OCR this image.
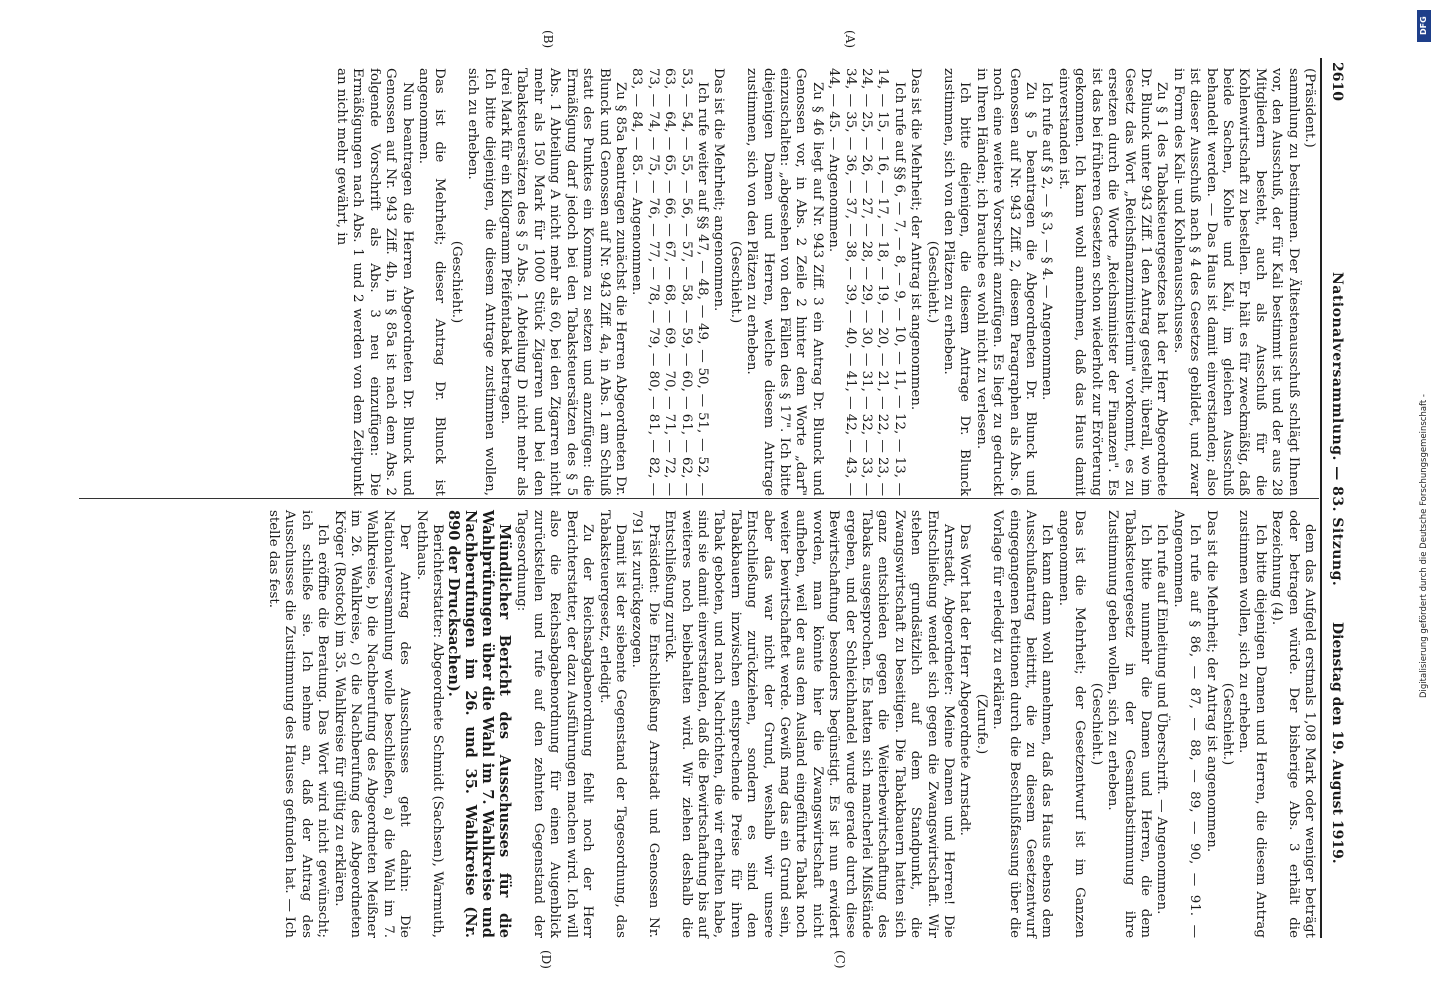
DFG
Digitalisierung gefördert durch die Deutsche Forschungsgemeinschaft -
2610
Nationalversammlung. — 83. Sitzung.
Dienstag den 19. August 1919.
(A)
(B)
(C)
(D)

(Präsident.)

sammlung zu bestimmen. Der Ältestenausschuß schlägt Ihnen vor, den Ausschuß, der für Kali bestimmt ist und der aus 28 Mitgliedern besteht, auch als Ausschuß für die Kohlenwirtschaft zu bestellen. Er hält es für zweckmäßig, daß beide Sachen, Kohle und Kali, im gleichen Ausschuß behandelt werden. — Das Haus ist damit einverstanden; also ist dieser Ausschuß nach § 4 des Gesetzes gebildet, und zwar in Form des Kali- und Kohlenausschusses.

Zu § 1 des Tabaksteuergesetzes hat der Herr Abgeordnete Dr. Blunck unter 943 Ziff. 1 den Antrag gestellt, überall, wo im Gesetz das Wort „Reichsfinanzministerium" vorkommt, es zu ersetzen durch die Worte „Reichsminister der Finanzen". Es ist das bei früheren Gesetzen schon wiederholt zur Erörterung gekommen. Ich kann wohl annehmen, daß das Haus damit einverstanden ist.

Ich rufe auf § 2, — § 3, — § 4. — Angenommen.

Zu § 5 beantragen die Abgeordneten Dr. Blunck und Genossen auf Nr. 943 Ziff. 2, diesem Paragraphen als Abs. 6 noch eine weitere Vorschrift anzufügen. Es liegt zu gedruckt in Ihren Händen; ich brauche es wohl nicht zu verlesen.

Ich bitte diejenigen, die diesem Antrage Dr. Blunck zustimmen, sich von den Plätzen zu erheben.

(Geschieht.)

Das ist die Mehrheit; der Antrag ist angenommen.

Ich rufe auf §§ 6, — 7, — 8, — 9, — 10, — 11, — 12, — 13, — 14, — 15, — 16, — 17, — 18, — 19, — 20, — 21, — 22, — 23, — 24, — 25, — 26, — 27, — 28, — 29, — 30, — 31, — 32, — 33, — 34, — 35, — 36, — 37, — 38, — 39, — 40, — 41, — 42, — 43, — 44, — 45. — Angenommen.

Zu § 46 liegt auf Nr. 943 Ziff. 3 ein Antrag Dr. Blunck und Genossen vor, in Abs. 2 Zeile 2 hinter dem Worte „darf" einzuschalten: „abgesehen von den Fällen des § 17". Ich bitte diejenigen Damen und Herren, welche diesem Antrage zustimmen, sich von den Plätzen zu erheben.

(Geschieht.)

Das ist die Mehrheit; angenommen.

Ich rufe weiter auf §§ 47, — 48, — 49, — 50, — 51, — 52, — 53, — 54, — 55, — 56, — 57, — 58, — 59, — 60, — 61, — 62, — 63, — 64, — 65, — 66, — 67, — 68, — 69, — 70, — 71, — 72, — 73, — 74, — 75, — 76, — 77, — 78, — 79, — 80, — 81, — 82, — 83, — 84, — 85. — Angenommen.

Zu § 85a beantragen zunächst die Herren Abgeordneten Dr. Blunck und Genossen auf Nr. 943 Ziff. 4a, in Abs. 1 am Schluß statt des Punktes ein Komma zu setzen und anzufügen: die Ermäßigung darf jedoch bei den Tabaksteuersätzen des § 5 Abs. 1 Abteilung A nicht mehr als 60, bei den Zigarren nicht mehr als 150 Mark für 1000 Stück Zigarren und bei den Tabaksteuersätzen des § 5 Abs. 1 Abteilung D nicht mehr als drei Mark für ein Kilogramm Pfeifentabak betragen.

Ich bitte diejenigen, die diesem Antrage zustimmen wollen, sich zu erheben.

(Geschieht.)

Das ist die Mehrheit; dieser Antrag Dr. Blunck ist angenommen.

Nun beantragen die Herren Abgeordneten Dr. Blunck und Genossen auf Nr. 943 Ziff. 4b, in § 85a ist nach dem Abs. 2 folgende Vorschrift als Abs. 3 neu einzufügen: Die Ermäßigungen nach Abs. 1 und 2 werden von dem Zeitpunkt an nicht mehr gewährt, in

dem das Aufgeld erstmals 1,08 Mark oder weniger beträgt oder betragen würde. Der bisherige Abs. 3 erhält die Bezeichnung (4).

Ich bitte diejenigen Damen und Herren, die diesem Antrag zustimmen wollen, sich zu erheben.

(Geschieht.)

Das ist die Mehrheit; der Antrag ist angenommen.

Ich rufe auf § 86, — 87, — 88, — 89, — 90, — 91. — Angenommen.

Ich rufe auf Einleitung und Überschrift. — Angenommen.

Ich bitte nunmehr die Damen und Herren, die dem Tabaksteuergesetz in der Gesamtabstimmung ihre Zustimmung geben wollen, sich zu erheben.

(Geschieht.)

Das ist die Mehrheit; der Gesetzentwurf ist im Ganzen angenommen.

Ich kann dann wohl annehmen, daß das Haus ebenso dem Ausschußantrag beitritt, die zu diesem Gesetzentwurf eingegangenen Petitionen durch die Beschlußfassung über die Vorlage für erledigt zu erklären.

(Zurufe.)

Das Wort hat der Herr Abgeordnete Arnstadt.

Arnstadt, Abgeordneter: Meine Damen und Herren! Die Entschließung wendet sich gegen die Zwangswirtschaft. Wir stehen grundsätzlich auf dem Standpunkt, die Zwangswirtschaft zu beseitigen. Die Tabakbauern hatten sich ganz entschieden gegen die Weiterbewirtschaftung des Tabaks ausgesprochen. Es hatten sich mancherlei Mißstände ergeben, und der Schleichhandel wurde gerade durch diese Bewirtschaftung besonders begünstigt. Es ist nun erwidert worden, man könnte hier die Zwangswirtschaft nicht aufheben, weil der aus dem Ausland eingeführte Tabak noch weiter bewirtschaftet werde. Gewiß mag das ein Grund sein, aber das war nicht der Grund, weshalb wir unsere Entschließung zurückziehen, sondern es sind den Tabakbauern inzwischen entsprechende Preise für ihren Tabak geboten, und nach Nachrichten, die wir erhalten habe, sind sie damit einverstanden, daß die Bewirtschaftung bis auf weiteres noch beibehalten wird. Wir ziehen deshalb die Entschließung zurück.

Präsident: Die Entschließung Arnstadt und Genossen Nr. 791 ist zurückgezogen.

Damit ist der siebente Gegenstand der Tagesordnung, das Tabaksteuergesetz, erledigt.

Zu der Reichsabgabenordnung fehlt noch der Herr Berichterstatter, der dazu Ausführungen machen wird. Ich will also die Reichsabgabenordnung für einen Augenblick zurückstellen und rufe auf den zehnten Gegenstand der Tagesordnung:

Mündlicher Bericht des Ausschusses für die Wahlprüfungen über die Wahl im 7. Wahlkreise und Nachberufungen im 26. und 35. Wahlkreise (Nr. 890 der Drucksachen).

Berichterstatter: Abgeordnete Schmidt (Sachsen), Warmuth, Nethhaus.

Der Antrag des Ausschusses geht dahin: Die Nationalversammlung wolle beschließen, a) die Wahl im 7. Wahlkreise, b) die Nachberufung des Abgeordneten Meißner im 26. Wahlkreise, c) die Nachberufung des Abgeordneten Kröger (Rostock) im 35. Wahlkreise für gültig zu erklären.

Ich eröffne die Beratung. Das Wort wird nicht gewünscht; ich schließe sie. Ich nehme an, daß der Antrag des Ausschusses die Zustimmung des Hauses gefunden hat. — Ich stelle das fest.
